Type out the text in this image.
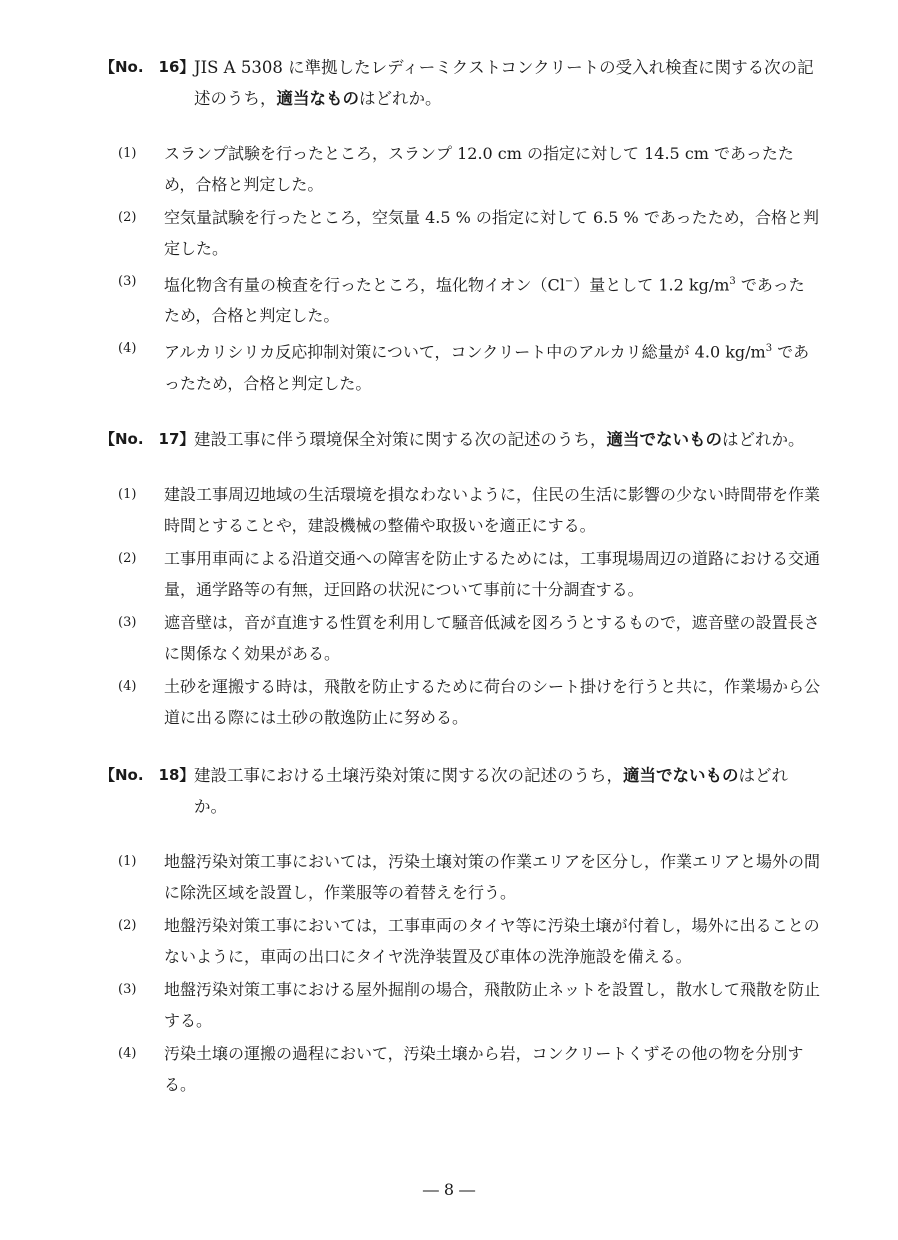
【No.　16】 JIS A 5308 に準拠したレディーミクストコンクリートの受入れ検査に関する次の記述のうち，適当なものはどれか。
(1)	スランプ試験を行ったところ，スランプ 12.0 cm の指定に対して 14.5 cm であったため，合格と判定した。
(2)	空気量試験を行ったところ，空気量 4.5 % の指定に対して 6.5 % であったため，合格と判定した。
(3)	塩化物含有量の検査を行ったところ，塩化物イオン（Cl−）量として 1.2 $kg/m^3$ であったため，合格と判定した。
(4)	アルカリシリカ反応抑制対策について，コンクリート中のアルカリ総量が 4.0 $kg/m^3$ であったため，合格と判定した。
【No.　17】 建設工事に伴う環境保全対策に関する次の記述のうち，適当でないものはどれか。
(1)	建設工事周辺地域の生活環境を損なわないように，住民の生活に影響の少ない時間帯を作業時間とすることや，建設機械の整備や取扱いを適正にする。
(2)	工事用車両による沿道交通への障害を防止するためには，工事現場周辺の道路における交通量，通学路等の有無，迂回路の状況について事前に十分調査する。
(3)	遮音壁は，音が直進する性質を利用して騒音低減を図ろうとするもので，遮音壁の設置長さに関係なく効果がある。
(4)	土砂を運搬する時は，飛散を防止するために荷台のシート掛けを行うと共に，作業場から公道に出る際には土砂の散逸防止に努める。
【No.　18】 建設工事における土壌汚染対策に関する次の記述のうち，適当でないものはどれか。
(1)	地盤汚染対策工事においては，汚染土壌対策の作業エリアを区分し，作業エリアと場外の間に除洗区域を設置し，作業服等の着替えを行う。
(2)	地盤汚染対策工事においては，工事車両のタイヤ等に汚染土壌が付着し，場外に出ることのないように，車両の出口にタイヤ洗浄装置及び車体の洗浄施設を備える。
(3)	地盤汚染対策工事における屋外掘削の場合，飛散防止ネットを設置し，散水して飛散を防止する。
(4)	汚染土壌の運搬の過程において，汚染土壌から岩，コンクリートくずその他の物を分別する。
― 8 ―
